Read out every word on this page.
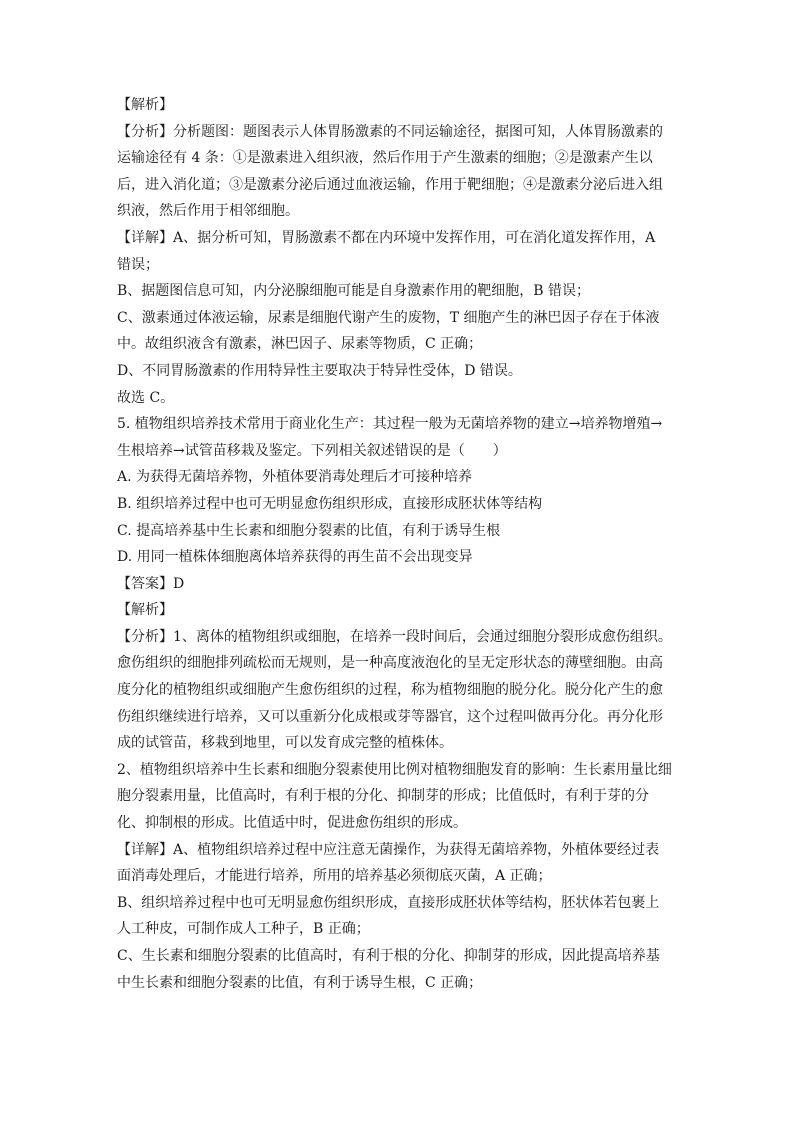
【解析】
【分析】分析题图：题图表示人体胃肠激素的不同运输途径，据图可知，人体胃肠激素的
运输途径有 4 条：①是激素进入组织液，然后作用于产生激素的细胞；②是激素产生以
后，进入消化道；③是激素分泌后通过血液运输，作用于靶细胞；④是激素分泌后进入组
织液，然后作用于相邻细胞。
【详解】A、据分析可知，胃肠激素不都在内环境中发挥作用，可在消化道发挥作用，A
错误；
B、据题图信息可知，内分泌腺细胞可能是自身激素作用的靶细胞，B 错误；
C、激素通过体液运输，尿素是细胞代谢产生的废物，T 细胞产生的淋巴因子存在于体液
中。故组织液含有激素，淋巴因子、尿素等物质，C 正确；
D、不同胃肠激素的作用特异性主要取决于特异性受体，D 错误。
故选 C。
5. 植物组织培养技术常用于商业化生产：其过程一般为无菌培养物的建立→培养物增殖→
生根培养→试管苗移栽及鉴定。下列相关叙述错误的是（　　）
A. 为获得无菌培养物，外植体要消毒处理后才可接种培养
B. 组织培养过程中也可无明显愈伤组织形成，直接形成胚状体等结构
C. 提高培养基中生长素和细胞分裂素的比值，有利于诱导生根
D. 用同一植株体细胞离体培养获得的再生苗不会出现变异
【答案】D
【解析】
【分析】1、离体的植物组织或细胞，在培养一段时间后，会通过细胞分裂形成愈伤组织。
愈伤组织的细胞排列疏松而无规则，是一种高度液泡化的呈无定形状态的薄壁细胞。由高
度分化的植物组织或细胞产生愈伤组织的过程，称为植物细胞的脱分化。脱分化产生的愈
伤组织继续进行培养，又可以重新分化成根或芽等器官，这个过程叫做再分化。再分化形
成的试管苗，移栽到地里，可以发育成完整的植株体。
2、植物组织培养中生长素和细胞分裂素使用比例对植物细胞发育的影响：生长素用量比细
胞分裂素用量，比值高时，有利于根的分化、抑制芽的形成；比值低时，有利于芽的分
化、抑制根的形成。比值适中时，促进愈伤组织的形成。
【详解】A、植物组织培养过程中应注意无菌操作，为获得无菌培养物，外植体要经过表
面消毒处理后，才能进行培养，所用的培养基必须彻底灭菌，A 正确；
B、组织培养过程中也可无明显愈伤组织形成，直接形成胚状体等结构，胚状体若包裹上
人工种皮，可制作成人工种子，B 正确；
C、生长素和细胞分裂素的比值高时，有利于根的分化、抑制芽的形成，因此提高培养基
中生长素和细胞分裂素的比值，有利于诱导生根，C 正确；
